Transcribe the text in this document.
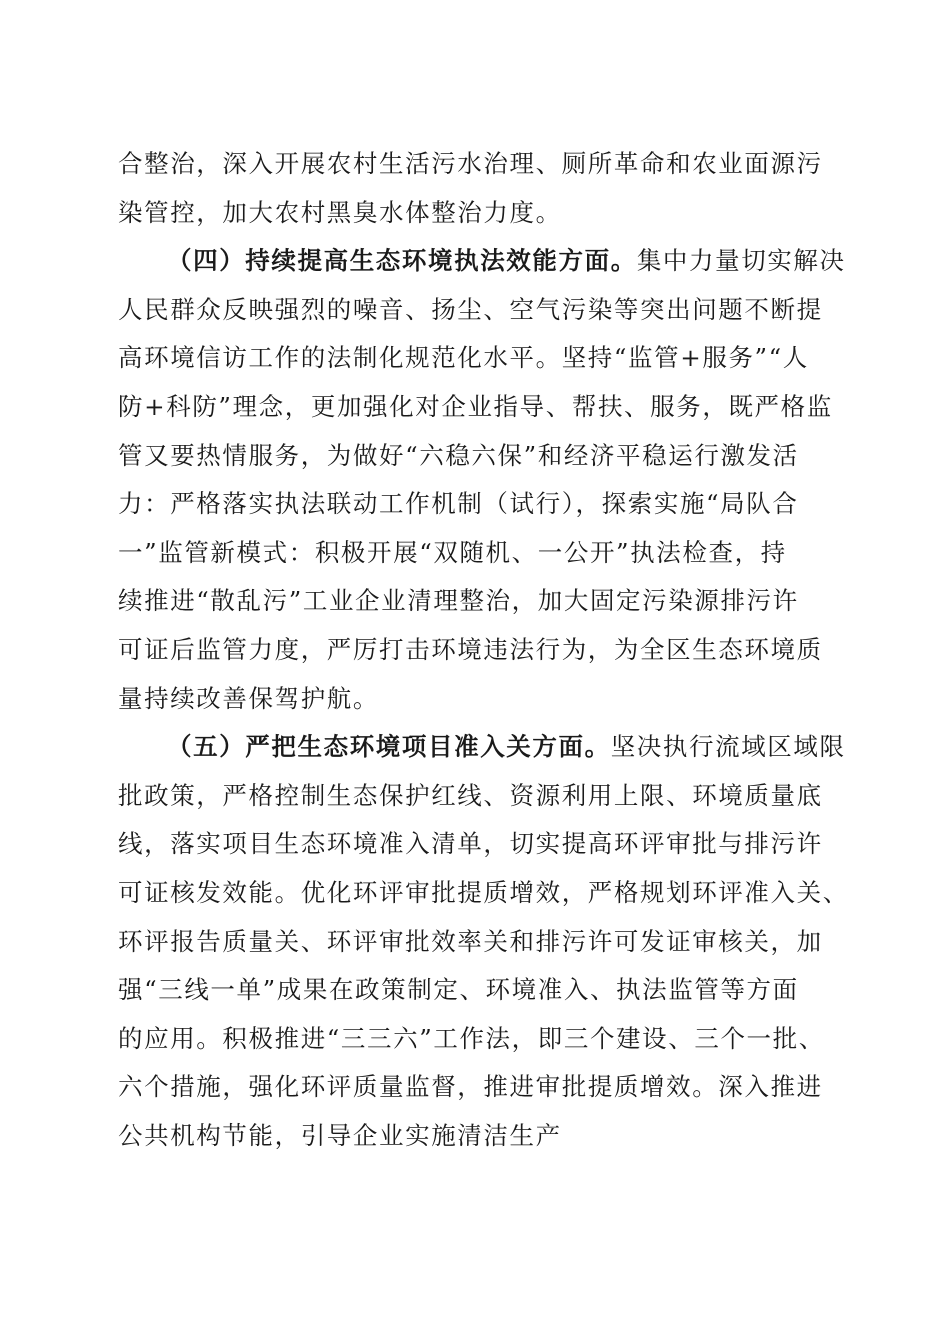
合整治，深入开展农村生活污水治理、厕所革命和农业面源污
染管控，加大农村黑臭水体整治力度。
（四）持续提高生态环境执法效能方面。集中力量切实解决
人民群众反映强烈的噪音、扬尘、空气污染等突出问题不断提
高环境信访工作的法制化规范化水平。坚持“监管+服务”“人
防+科防”理念，更加强化对企业指导、帮扶、服务，既严格监
管又要热情服务，为做好“六稳六保”和经济平稳运行激发活
力：严格落实执法联动工作机制（试行），探索实施“局队合
一”监管新模式：积极开展“双随机、一公开”执法检查，持
续推进“散乱污”工业企业清理整治，加大固定污染源排污许
可证后监管力度，严厉打击环境违法行为，为全区生态环境质
量持续改善保驾护航。
（五）严把生态环境项目准入关方面。坚决执行流域区域限
批政策，严格控制生态保护红线、资源利用上限、环境质量底
线，落实项目生态环境准入清单，切实提高环评审批与排污许
可证核发效能。优化环评审批提质增效，严格规划环评准入关、
环评报告质量关、环评审批效率关和排污许可发证审核关，加
强“三线一单”成果在政策制定、环境准入、执法监管等方面
的应用。积极推进“三三六”工作法，即三个建设、三个一批、
六个措施，强化环评质量监督，推进审批提质增效。深入推进
公共机构节能，引导企业实施清洁生产
